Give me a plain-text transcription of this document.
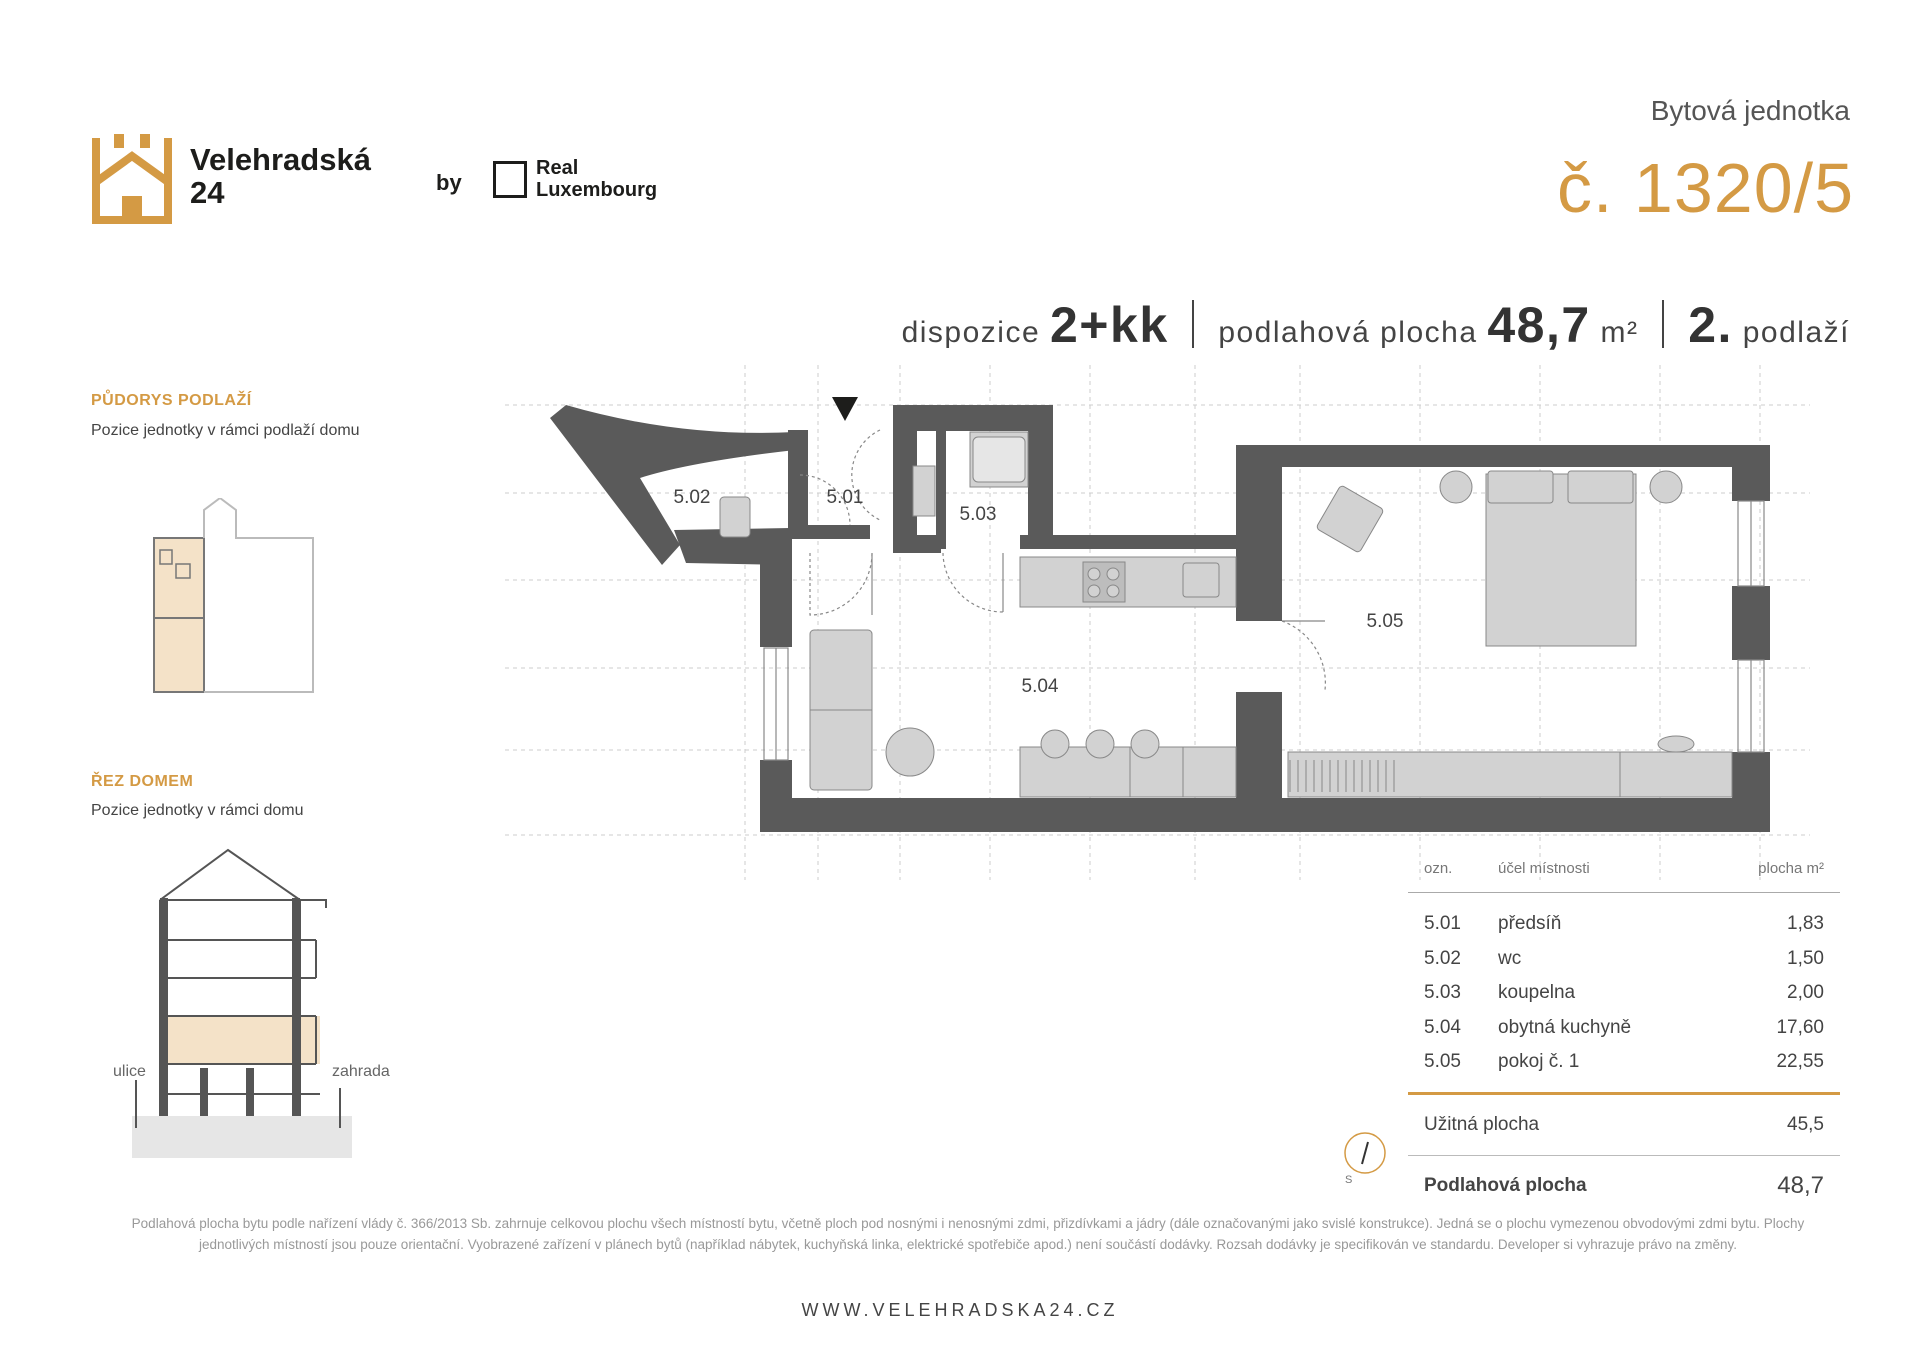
Velehradská
24	by
Real
Luxembourg
Bytová jednotka
č. 1320/5
dispozice 2+kk podlahová plocha 48,7 m² 2. podlaží
PŮDORYS PODLAŽÍ
Pozice jednotky v rámci podlaží domu
ŘEZ DOMEM
Pozice jednotky v rámci domu
ulice	zahrada
5.02	5.01
5.03
5.04
5.05
ozn.	účel místnosti	plocha m²
5.01	předsíň	1,83
5.02	wc	1,50
5.03	koupelna	2,00
5.04	obytná kuchyně	17,60
5.05	pokoj č. 1	22,55
Užitná plocha	45,5
Podlahová plocha	48,7
S
Podlahová plocha bytu podle nařízení vlády č. 366/2013 Sb. zahrnuje celkovou plochu všech místností bytu, včetně ploch pod nosnými i nenosnými zdmi, přizdívkami a jádry (dále označovanými jako svislé konstrukce). Jedná se o plochu vymezenou obvodovými zdmi bytu. Plochy jednotlivých místností jsou pouze orientační. Vyobrazené zařízení v plánech bytů (například nábytek, kuchyňská linka, elektrické spotřebiče apod.) není součástí dodávky. Rozsah dodávky je specifikován ve standardu. Developer si vyhrazuje právo na změny.
WWW.VELEHRADSKA24.CZ
